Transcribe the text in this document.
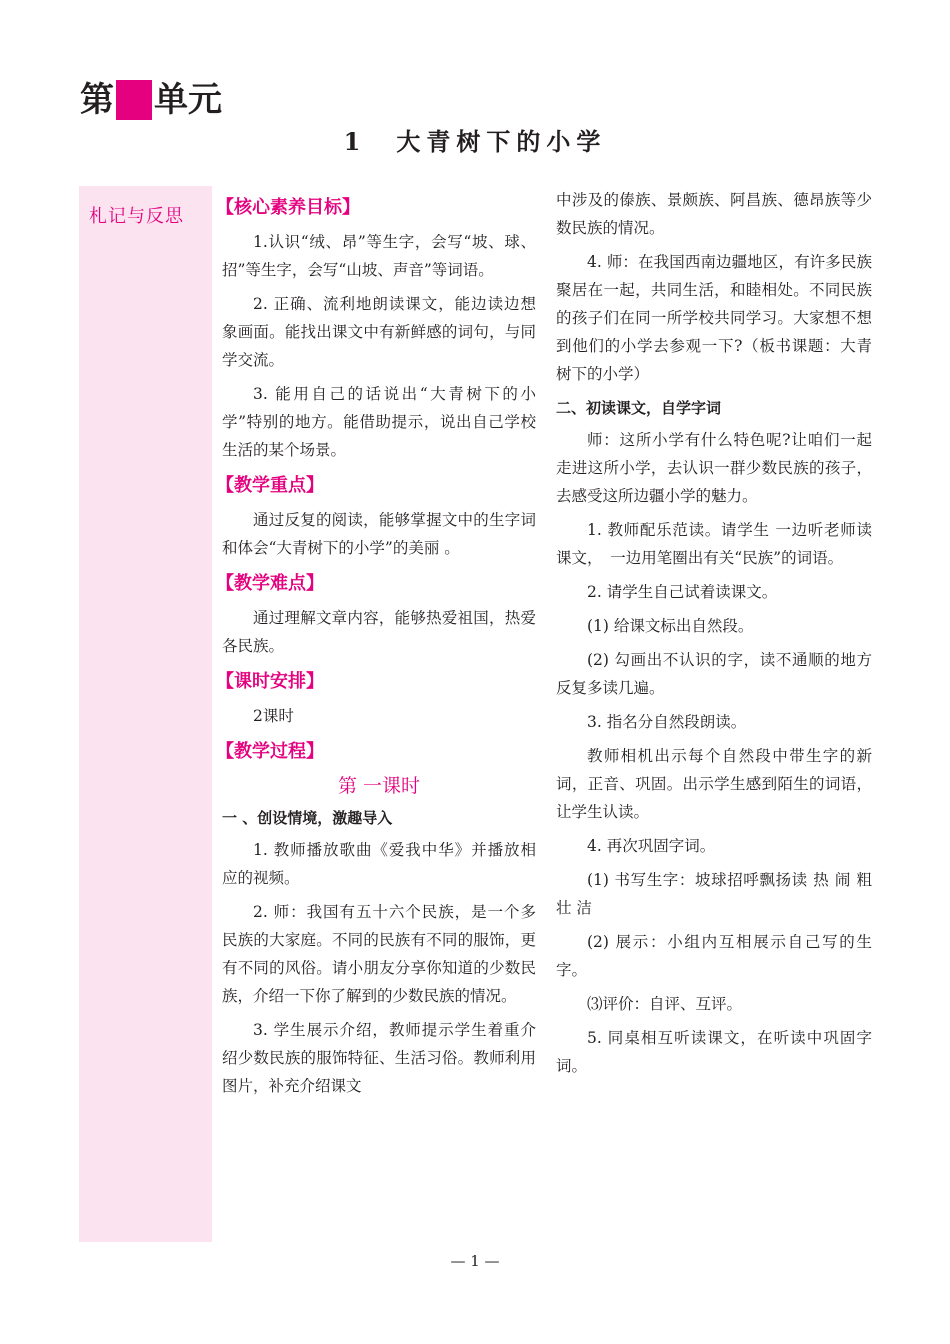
第 单元
1 大青树下的小学
札记与反思 【核心素养目标】

1.认识“绒、昂”等生字，会写“坡、球、招”等生字，会写“山坡、声音”等词语。

2. 正确、流利地朗读课文，能边读边想象画面。能找出课文中有新鲜感的词句，与同学交流。

3. 能用自己的话说出“大青树下的小学”特别的地方。能借助提示，说出自己学校生活的某个场景。

【教学重点】

通过反复的阅读，能够掌握文中的生字词和体会“大青树下的小学”的美丽 。

【教学难点】

通过理解文章内容，能够热爱祖国，热爱各民族。

【课时安排】

2课时

【教学过程】

第 一课时

一 、创设情境，激趣导入

1. 教师播放歌曲《爱我中华》并播放相应的视频。

2. 师：我国有五十六个民族，是一个多民族的大家庭。不同的民族有不同的服饰，更有不同的风俗。请小朋友分享你知道的少数民族，介绍一下你了解到的少数民族的情况。

3. 学生展示介绍，教师提示学生着重介绍少数民族的服饰特征、生活习俗。教师利用图片，补充介绍课文

中涉及的傣族、景颇族、阿昌族、德昂族等少数民族的情况。

4. 师：在我国西南边疆地区，有许多民族聚居在一起，共同生活，和睦相处。不同民族的孩子们在同一所学校共同学习。大家想不想到他们的小学去参观一下?（板书课题：大青树下的小学）

二、初读课文，自学字词

师：这所小学有什么特色呢?让咱们一起走进这所小学，去认识一群少数民族的孩子，去感受这所边疆小学的魅力。

1. 教师配乐范读。请学生 一边听老师读课文，　一边用笔圈出有关“民族”的词语。

2. 请学生自己试着读课文。

(1) 给课文标出自然段。

(2) 勾画出不认识的字，读不通顺的地方反复多读几遍。

3. 指名分自然段朗读。

教师相机出示每个自然段中带生字的新词，正音、巩固。出示学生感到陌生的词语，让学生认读。

4. 再次巩固字词。

(1) 书写生字：坡球招呼飘扬读 热 闹 粗 壮 洁

(2) 展示：小组内互相展示自己写的生字。

⑶评价：自评、互评。

5. 同桌相互听读课文，在听读中巩固字词。

— 1 —
